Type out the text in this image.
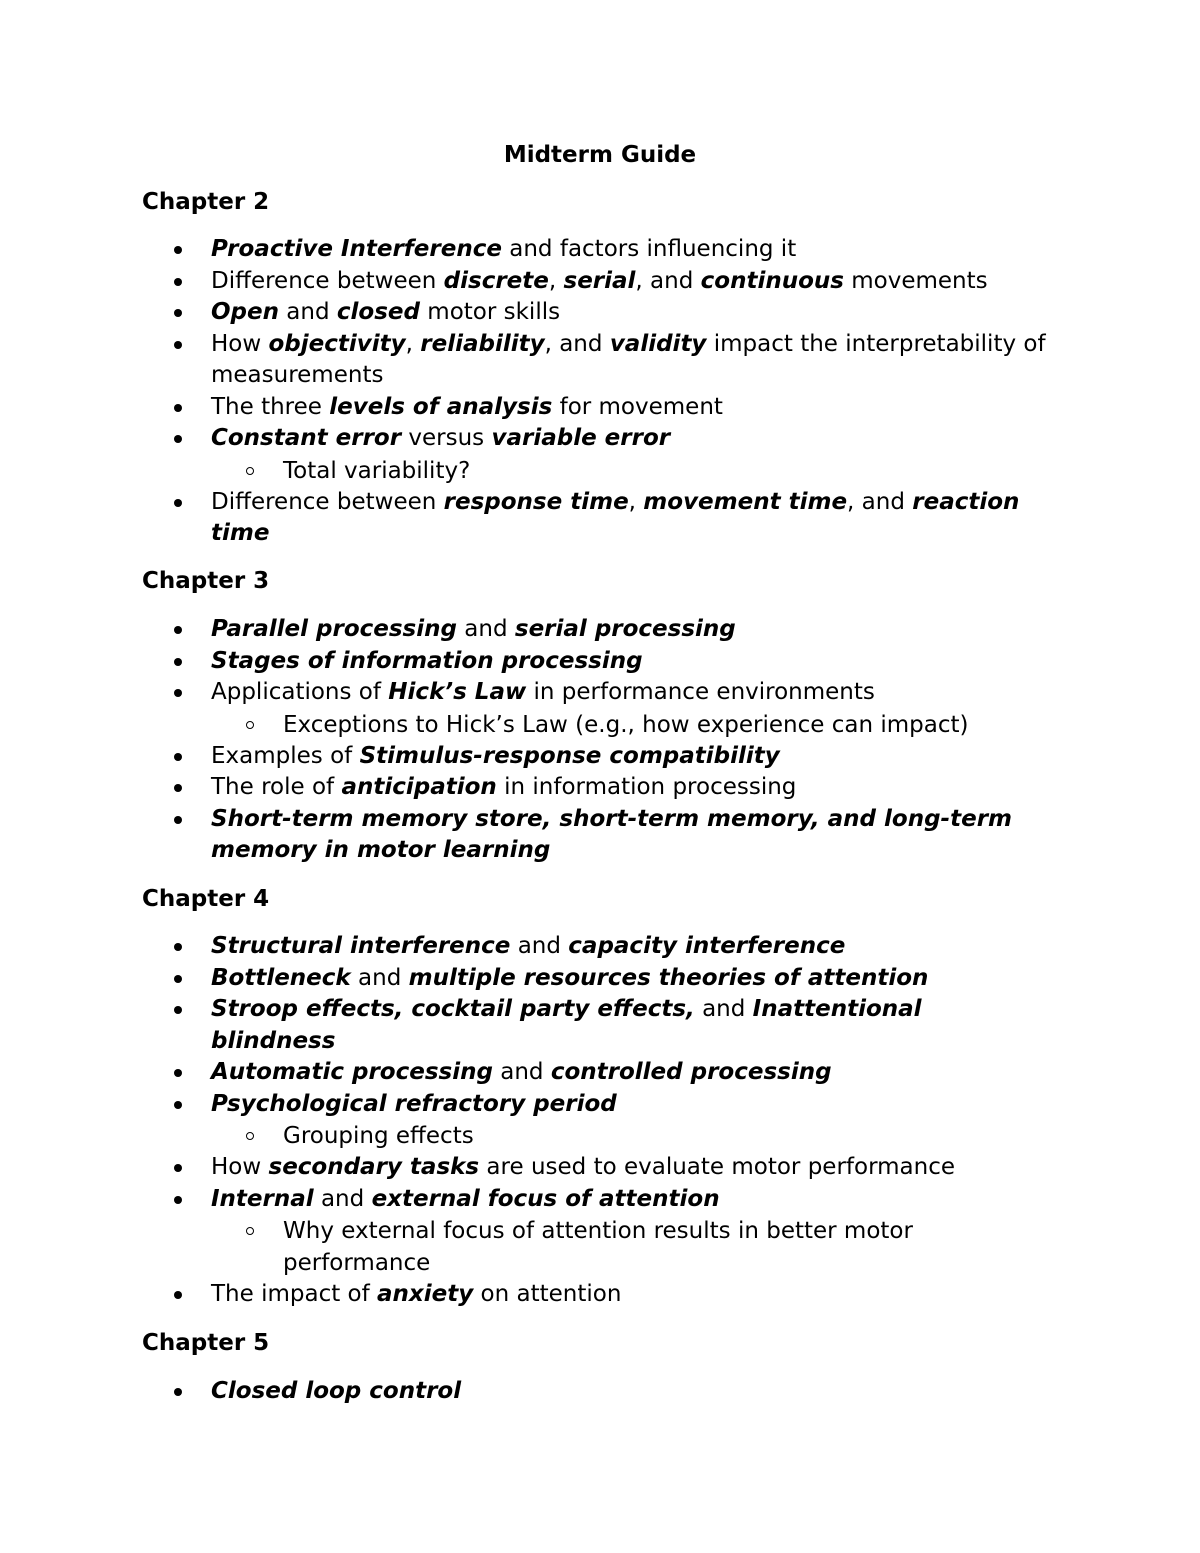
Midterm Guide
Chapter 2
Proactive Interference and factors influencing it
Difference between discrete, serial, and continuous movements
Open and closed motor skills
How objectivity, reliability, and validity impact the interpretability of measurements
The three levels of analysis for movement
Constant error versus variable error
Total variability?
Difference between response time, movement time, and reaction time
Chapter 3
Parallel processing and serial processing
Stages of information processing
Applications of Hick’s Law in performance environments
Exceptions to Hick’s Law (e.g., how experience can impact)
Examples of Stimulus-response compatibility
The role of anticipation in information processing
Short-term memory store, short-term memory, and long-term memory in motor learning
Chapter 4
Structural interference and capacity interference
Bottleneck and multiple resources theories of attention
Stroop effects, cocktail party effects, and Inattentional blindness
Automatic processing and controlled processing
Psychological refractory period
Grouping effects
How secondary tasks are used to evaluate motor performance
Internal and external focus of attention
Why external focus of attention results in better motor performance
The impact of anxiety on attention
Chapter 5
Closed loop control
